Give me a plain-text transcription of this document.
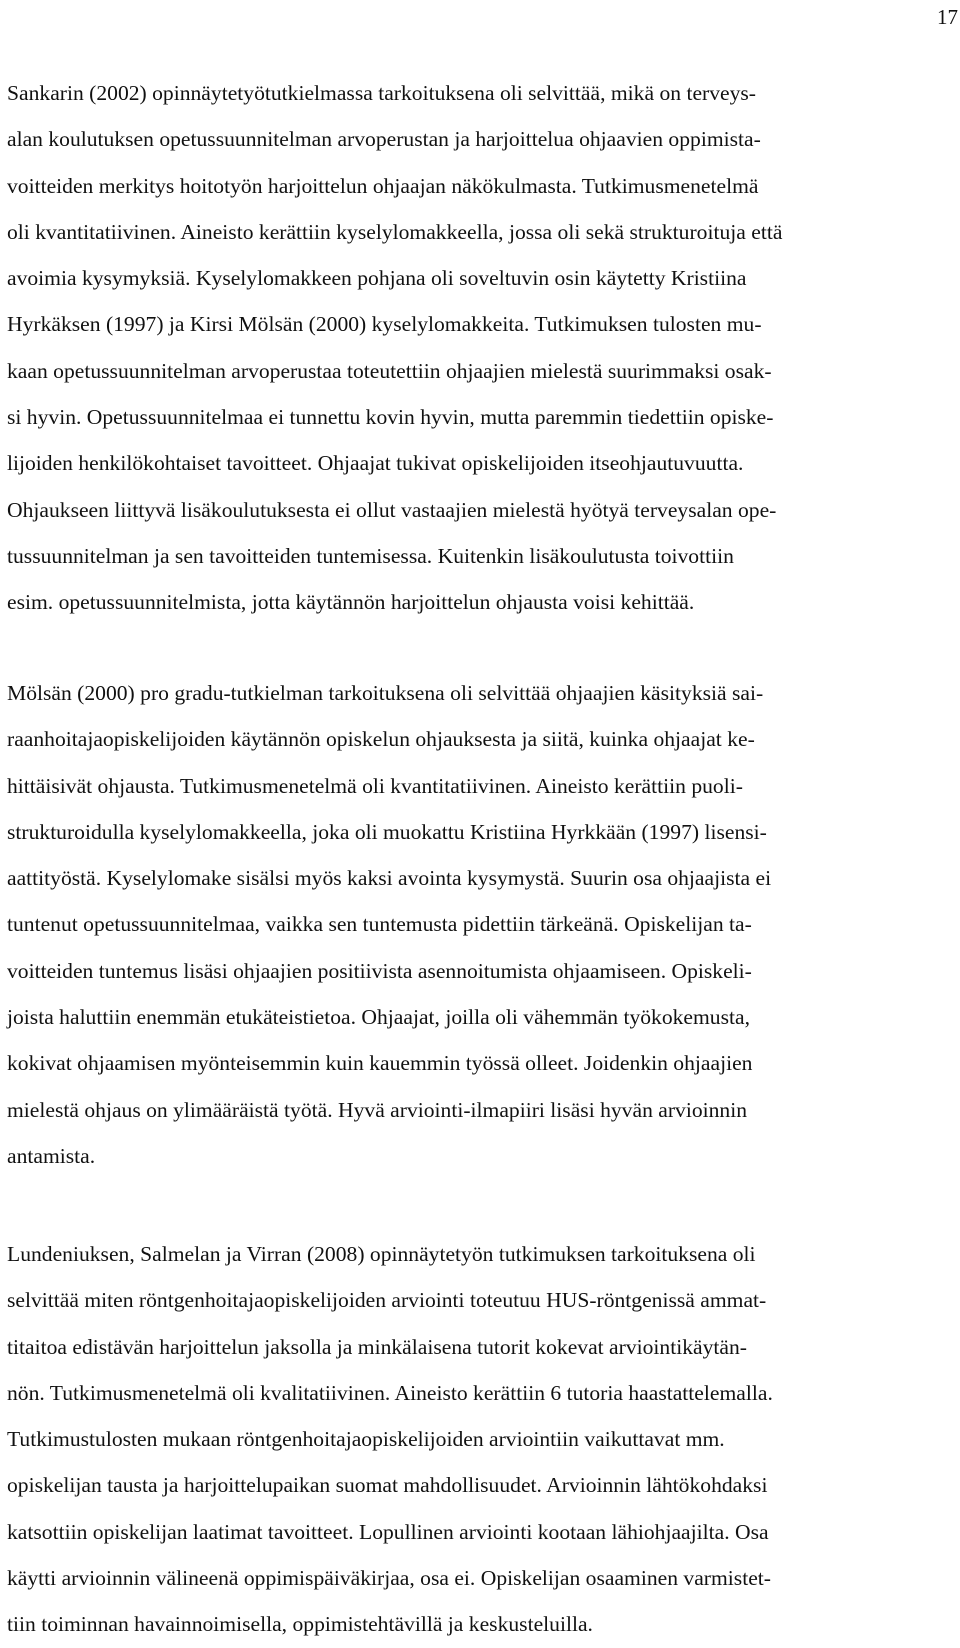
17
Sankarin (2002) opinnäytetyötutkielmassa tarkoituksena oli selvittää, mikä on terveys-
alan koulutuksen opetussuunnitelman arvoperustan ja harjoittelua ohjaavien oppimista-
voitteiden merkitys hoitotyön harjoittelun ohjaajan näkökulmasta. Tutkimusmenetelmä
oli kvantitatiivinen. Aineisto kerättiin kyselylomakkeella, jossa oli sekä strukturoituja että
avoimia kysymyksiä. Kyselylomakkeen pohjana oli soveltuvin osin käytetty Kristiina
Hyrkäksen (1997) ja Kirsi Mölsän (2000) kyselylomakkeita. Tutkimuksen tulosten mu-
kaan opetussuunnitelman arvoperustaa toteutettiin ohjaajien mielestä suurimmaksi osak-
si hyvin. Opetussuunnitelmaa ei tunnettu kovin hyvin, mutta paremmin tiedettiin opiske-
lijoiden henkilökohtaiset tavoitteet. Ohjaajat tukivat opiskelijoiden itseohjautuvuutta.
Ohjaukseen liittyvä lisäkoulutuksesta ei ollut vastaajien mielestä hyötyä terveysalan ope-
tussuunnitelman ja sen tavoitteiden tuntemisessa. Kuitenkin lisäkoulutusta toivottiin
esim. opetussuunnitelmista, jotta käytännön harjoittelun ohjausta voisi kehittää.
Mölsän (2000) pro gradu-tutkielman tarkoituksena oli selvittää ohjaajien käsityksiä sai-
raanhoitajaopiskelijoiden käytännön opiskelun ohjauksesta ja siitä, kuinka ohjaajat ke-
hittäisivät ohjausta. Tutkimusmenetelmä oli kvantitatiivinen. Aineisto kerättiin puoli-
strukturoidulla kyselylomakkeella, joka oli muokattu Kristiina Hyrkkään (1997) lisensi-
aattityöstä. Kyselylomake sisälsi myös kaksi avointa kysymystä. Suurin osa ohjaajista ei
tuntenut opetussuunnitelmaa, vaikka sen tuntemusta pidettiin tärkeänä. Opiskelijan ta-
voitteiden tuntemus lisäsi ohjaajien positiivista asennoitumista ohjaamiseen. Opiskeli-
joista haluttiin enemmän etukäteistietoa. Ohjaajat, joilla oli vähemmän työkokemusta,
kokivat ohjaamisen myönteisemmin kuin kauemmin työssä olleet. Joidenkin ohjaajien
mielestä ohjaus on ylimääräistä työtä. Hyvä arviointi-ilmapiiri lisäsi hyvän arvioinnin
antamista.
Lundeniuksen, Salmelan ja Virran (2008) opinnäytetyön tutkimuksen tarkoituksena oli
selvittää miten röntgenhoitajaopiskelijoiden arviointi toteutuu HUS-röntgenissä ammat-
titaitoa edistävän harjoittelun jaksolla ja minkälaisena tutorit kokevat arviointikäytän-
nön. Tutkimusmenetelmä oli kvalitatiivinen. Aineisto kerättiin 6 tutoria haastattelemalla.
Tutkimustulosten mukaan röntgenhoitajaopiskelijoiden arviointiin vaikuttavat mm.
opiskelijan tausta ja harjoittelupaikan suomat mahdollisuudet. Arvioinnin lähtökohdaksi
katsottiin opiskelijan laatimat tavoitteet. Lopullinen arviointi kootaan lähiohjaajilta. Osa
käytti arvioinnin välineenä oppimispäiväkirjaa, osa ei. Opiskelijan osaaminen varmistet-
tiin toiminnan havainnoimisella, oppimistehtävillä ja keskusteluilla.
